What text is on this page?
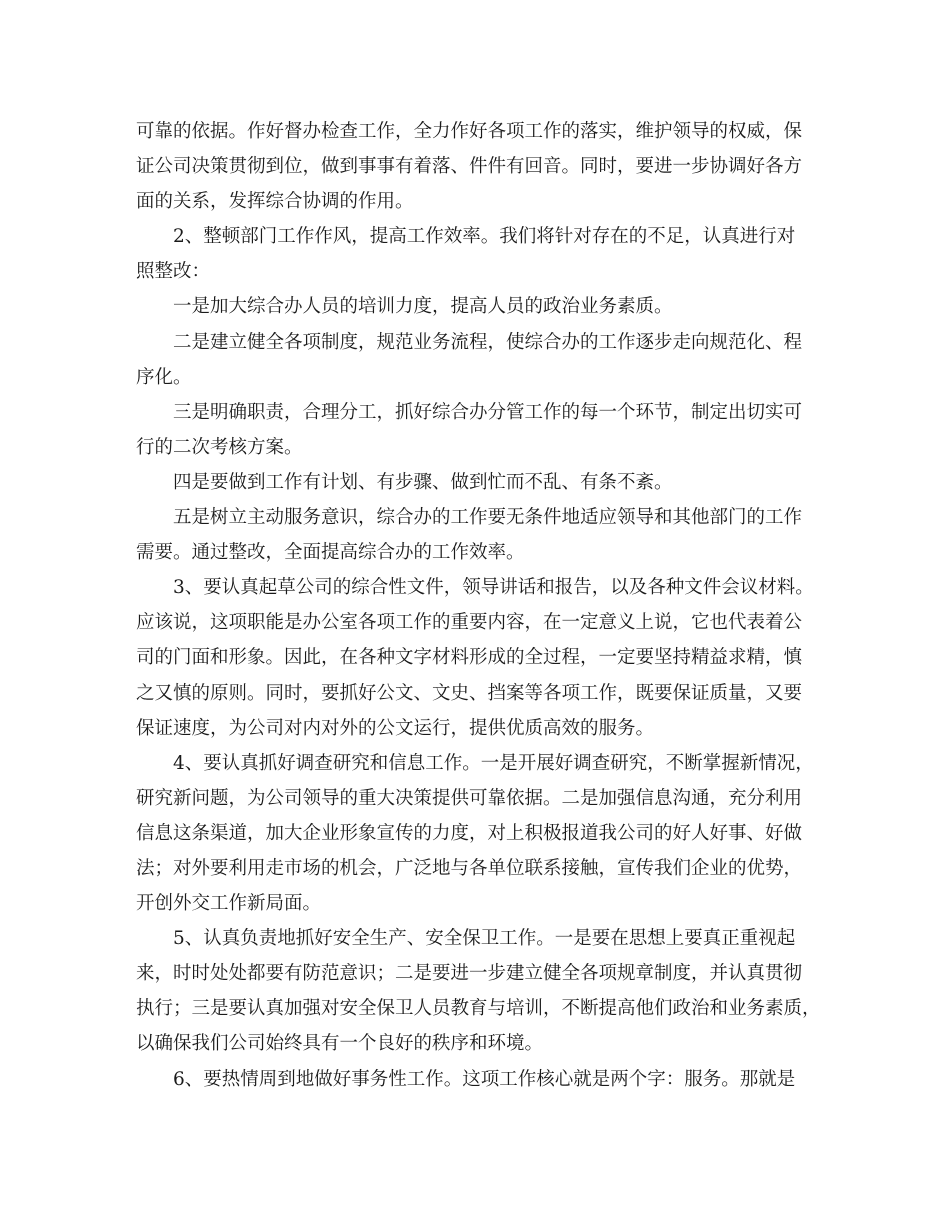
可靠的依据。作好督办检查工作，全力作好各项工作的落实，维护领导的权威，保
证公司决策贯彻到位，做到事事有着落、件件有回音。同时，要进一步协调好各方
面的关系，发挥综合协调的作用。
2、整顿部门工作作风，提高工作效率。我们将针对存在的不足，认真进行对
照整改：
一是加大综合办人员的培训力度，提高人员的政治业务素质。
二是建立健全各项制度，规范业务流程，使综合办的工作逐步走向规范化、程
序化。
三是明确职责，合理分工，抓好综合办分管工作的每一个环节，制定出切实可
行的二次考核方案。
四是要做到工作有计划、有步骤、做到忙而不乱、有条不紊。
五是树立主动服务意识，综合办的工作要无条件地适应领导和其他部门的工作
需要。通过整改，全面提高综合办的工作效率。
3、要认真起草公司的综合性文件，领导讲话和报告，以及各种文件会议材料。
应该说，这项职能是办公室各项工作的重要内容，在一定意义上说，它也代表着公
司的门面和形象。因此，在各种文字材料形成的全过程，一定要坚持精益求精，慎
之又慎的原则。同时，要抓好公文、文史、挡案等各项工作，既要保证质量，又要
保证速度，为公司对内对外的公文运行，提供优质高效的服务。
4、要认真抓好调查研究和信息工作。一是开展好调查研究，不断掌握新情况，
研究新问题，为公司领导的重大决策提供可靠依据。二是加强信息沟通，充分利用
信息这条渠道，加大企业形象宣传的力度，对上积极报道我公司的好人好事、好做
法；对外要利用走市场的机会，广泛地与各单位联系接触，宣传我们企业的优势，
开创外交工作新局面。
5、认真负责地抓好安全生产、安全保卫工作。一是要在思想上要真正重视起
来，时时处处都要有防范意识；二是要进一步建立健全各项规章制度，并认真贯彻
执行；三是要认真加强对安全保卫人员教育与培训，不断提高他们政治和业务素质，
以确保我们公司始终具有一个良好的秩序和环境。
6、要热情周到地做好事务性工作。这项工作核心就是两个字：服务。那就是
